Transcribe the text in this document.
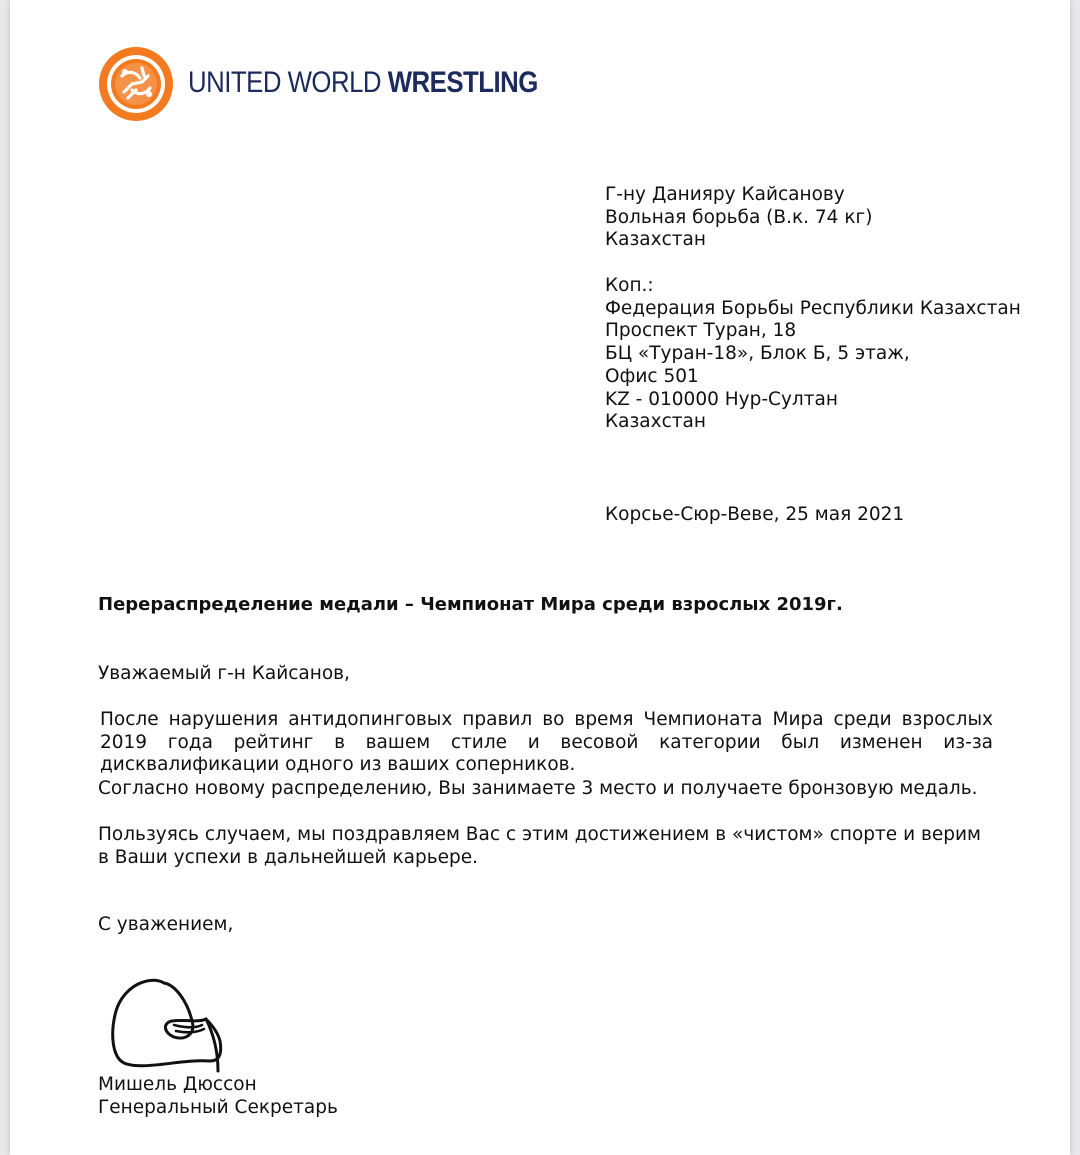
UNITED WORLD WRESTLING
Г-ну Данияру Кайсанову
Вольная борьба (В.к. 74 кг)
Казахстан
Коп.:
Федерация Борьбы Республики Казахстан
Проспект Туран, 18
БЦ «Туран-18», Блок Б, 5 этаж,
Офис 501
KZ - 010000 Нур-Султан
Казахстан
Корсье-Сюр-Веве, 25 мая 2021
Перераспределение медали – Чемпионат Мира среди взрослых 2019г.
Уважаемый г-н Кайсанов,
После нарушения антидопинговых правил во время Чемпионата Мира среди взрослых 2019 года рейтинг в вашем стиле и весовой категории был изменен из-за дисквалификации одного из ваших соперников.
Согласно новому распределению, Вы занимаете 3 место и получаете бронзовую медаль.
Пользуясь случаем, мы поздравляем Вас с этим достижением в «чистом» спорте и верим в Ваши успехи в дальнейшей карьере.
С уважением,
Мишель Дюссон
Генеральный Секретарь
